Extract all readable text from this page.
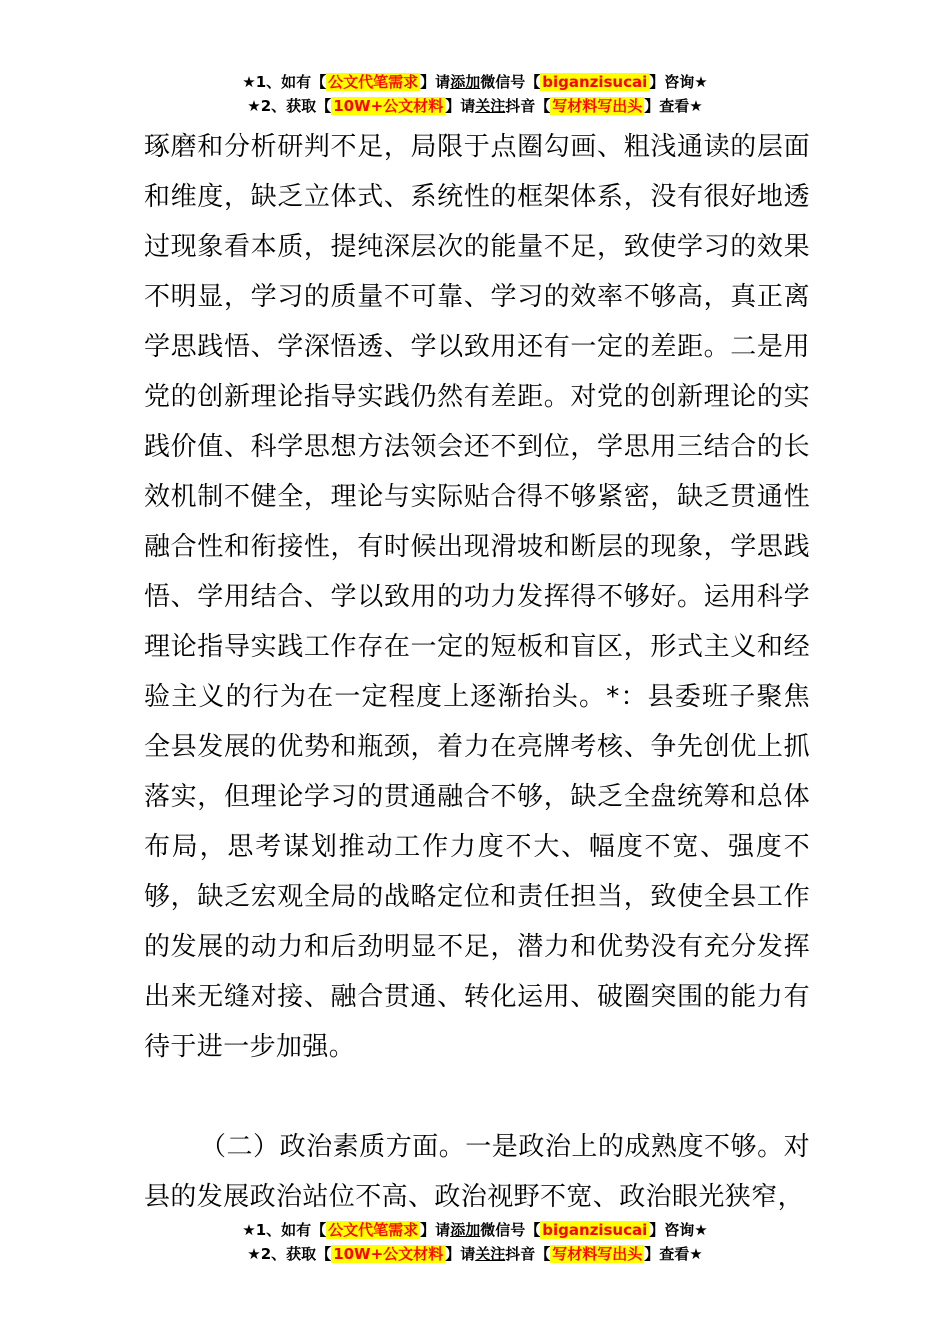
★1、如有【 公文代笔需求 】请添加微信号【 biganzisucai 】咨询★
★2、获取【 10W+公文材料 】请关注抖音【 写材料写出头 】查看★

琢磨和分析研判不足，局限于点圈勾画、粗浅通读的层面和维度，缺乏立体式、系统性的框架体系，没有很好地透过现象看本质，提纯深层次的能量不足，致使学习的效果不明显，学习的质量不可靠、学习的效率不够高，真正离学思践悟、学深悟透、学以致用还有一定的差距。二是用党的创新理论指导实践仍然有差距。对党的创新理论的实践价值、科学思想方法领会还不到位，学思用三结合的长效机制不健全，理论与实际贴合得不够紧密，缺乏贯通性融合性和衔接性，有时候出现滑坡和断层的现象，学思践悟、学用结合、学以致用的功力发挥得不够好。运用科学理论指导实践工作存在一定的短板和盲区，形式主义和经验主义的行为在一定程度上逐渐抬头。*：县委班子聚焦全县发展的优势和瓶颈，着力在亮牌考核、争先创优上抓落实，但理论学习的贯通融合不够，缺乏全盘统筹和总体布局，思考谋划推动工作力度不大、幅度不宽、强度不够，缺乏宏观全局的战略定位和责任担当，致使全县工作的发展的动力和后劲明显不足，潜力和优势没有充分发挥出来无缝对接、融合贯通、转化运用、破圈突围的能力有待于进一步加强。

（二）政治素质方面。一是政治上的成熟度不够。对县的发展政治站位不高、政治视野不宽、政治眼光狭窄，

★1、如有【 公文代笔需求 】请添加微信号【 biganzisucai 】咨询★
★2、获取【 10W+公文材料 】请关注抖音【 写材料写出头 】查看★
